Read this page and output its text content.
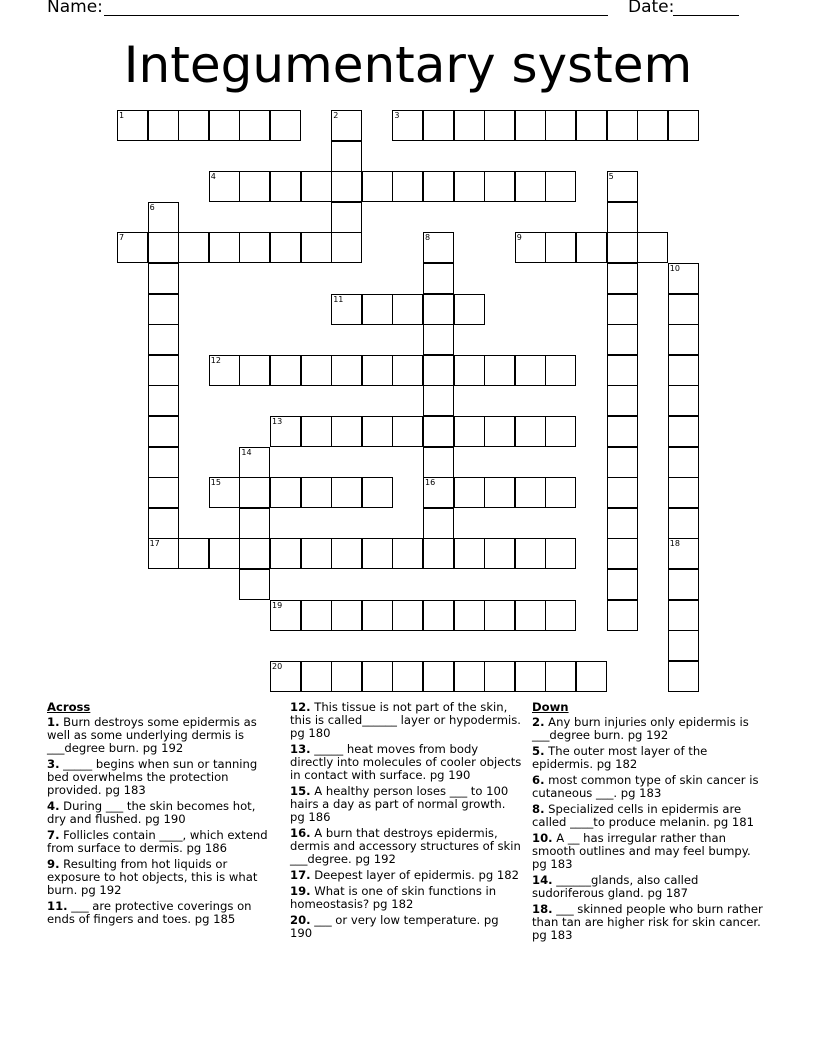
Name:	Date:
Integumentary system
1	2	3
4	5
6
7	8
16
9
10
11
12
13
14
15
17	18
19
20
Across
1. Burn destroys some epidermis as well as some underlying dermis is ___degree burn. pg 192
3. _____ begins when sun or tanning bed overwhelms the protection provided. pg 183
4. During ___ the skin becomes hot, dry and flushed. pg 190
7. Follicles contain ____, which extend from surface to dermis. pg 186
9. Resulting from hot liquids or exposure to hot objects, this is what burn. pg 192
11. ___ are protective coverings on ends of fingers and toes. pg 185
12. This tissue is not part of the skin, this is called______ layer or hypodermis. pg 180
13. _____ heat moves from body directly into molecules of cooler objects in contact with surface. pg 190
15. A healthy person loses ___ to 100 hairs a day as part of normal growth. pg 186
16. A burn that destroys epidermis, dermis and accessory structures of skin ___degree. pg 192
17. Deepest layer of epidermis. pg 182
19. What is one of skin functions in homeostasis? pg 182
20. ___ or very low temperature. pg 190
Down
2. Any burn injuries only epidermis is ___degree burn. pg 192
5. The outer most layer of the epidermis. pg 182
6. most common type of skin cancer is cutaneous ___. pg 183
8. Specialized cells in epidermis are called ____to produce melanin. pg 181
10. A __ has irregular rather than smooth outlines and may feel bumpy. pg 183
14. ______glands, also called sudoriferous gland. pg 187
18. ___ skinned people who burn rather than tan are higher risk for skin cancer. pg 183
